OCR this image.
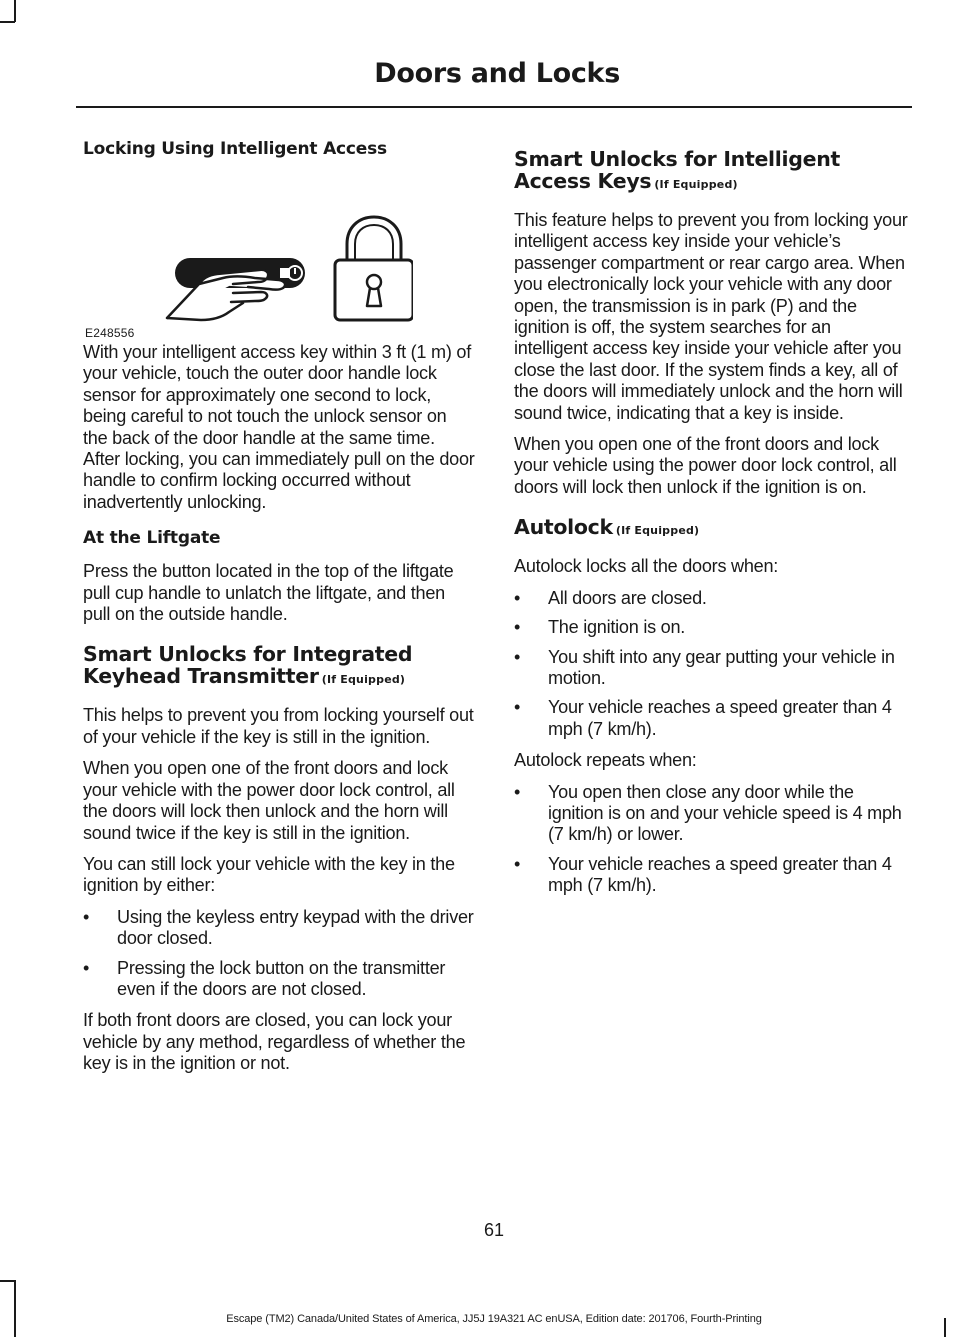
Doors and Locks
Locking Using Intelligent Access
E248556

With your intelligent access key within 3 ft (1 m) of your vehicle, touch the outer door handle lock sensor for approximately one second to lock, being careful to not touch the unlock sensor on the back of the door handle at the same time. After locking, you can immediately pull on the door handle to confirm locking occurred without inadvertently unlocking.

At the Liftgate

Press the button located in the top of the liftgate pull cup handle to unlatch the liftgate, and then pull on the outside handle.

Smart Unlocks for Integrated Keyhead Transmitter (If Equipped)

This helps to prevent you from locking yourself out of your vehicle if the key is still in the ignition.

When you open one of the front doors and lock your vehicle with the power door lock control, all the doors will lock then unlock and the horn will sound twice if the key is still in the ignition.

You can still lock your vehicle with the key in the ignition by either:

• Using the keyless entry keypad with the driver door closed.
• Pressing the lock button on the transmitter even if the doors are not closed.

If both front doors are closed, you can lock your vehicle by any method, regardless of whether the key is in the ignition or not.

Smart Unlocks for Intelligent Access Keys (If Equipped)

This feature helps to prevent you from locking your intelligent access key inside your vehicle’s passenger compartment or rear cargo area. When you electronically lock your vehicle with any door open, the transmission is in park (P) and the ignition is off, the system searches for an intelligent access key inside your vehicle after you close the last door. If the system finds a key, all of the doors will immediately unlock and the horn will sound twice, indicating that a key is inside.

When you open one of the front doors and lock your vehicle using the power door lock control, all doors will lock then unlock if the ignition is on.

Autolock (If Equipped)

Autolock locks all the doors when:

• All doors are closed.
• The ignition is on.
• You shift into any gear putting your vehicle in motion.
• Your vehicle reaches a speed greater than 4 mph (7 km/h).

Autolock repeats when:

• You open then close any door while the ignition is on and your vehicle speed is 4 mph (7 km/h) or lower.
• Your vehicle reaches a speed greater than 4 mph (7 km/h).
61
Escape (TM2) Canada/United States of America, JJ5J 19A321 AC enUSA, Edition date: 201706, Fourth-Printing
